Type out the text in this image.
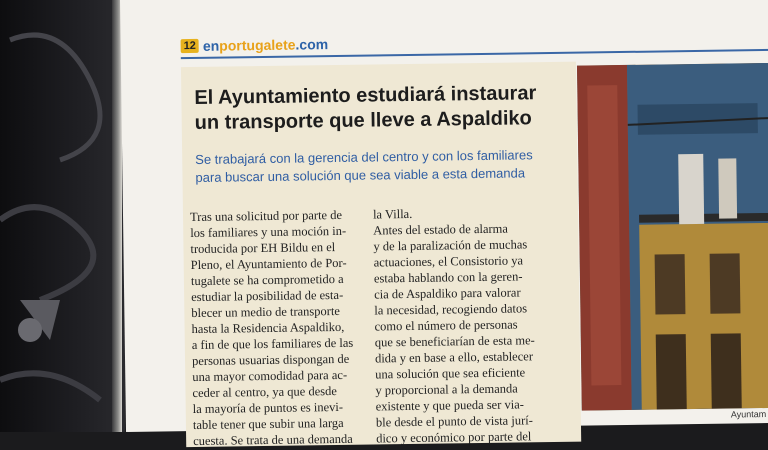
12 enportugalete.com
El Ayuntamiento estudiará instaurar
un transporte que lleve a Aspaldiko

Se trabajará con la gerencia del centro y con los familiares
para buscar una solución que sea viable a esta demanda

Tras una solicitud por parte de
los familiares y una moción in-
troducida por EH Bildu en el
Pleno, el Ayuntamiento de Por-
tugalete se ha comprometido a
estudiar la posibilidad de esta-
blecer un medio de transporte
hasta la Residencia Aspaldiko,
a fin de que los familiares de las
personas usuarias dispongan de
una mayor comodidad para ac-
ceder al centro, ya que desde
la mayoría de puntos es inevi-
table tener que subir una larga
cuesta. Se trata de una demanda
la Villa.
Antes del estado de alarma
y de la paralización de muchas
actuaciones, el Consistorio ya
estaba hablando con la geren-
cia de Aspaldiko para valorar
la necesidad, recogiendo datos
como el número de personas
que se beneficiarían de esta me-
dida y en base a ello, establecer
una solución que sea eficiente
y proporcional a la demanda
existente y que pueda ser via-
ble desde el punto de vista jurí-
dico y económico por parte del
Ayuntam
